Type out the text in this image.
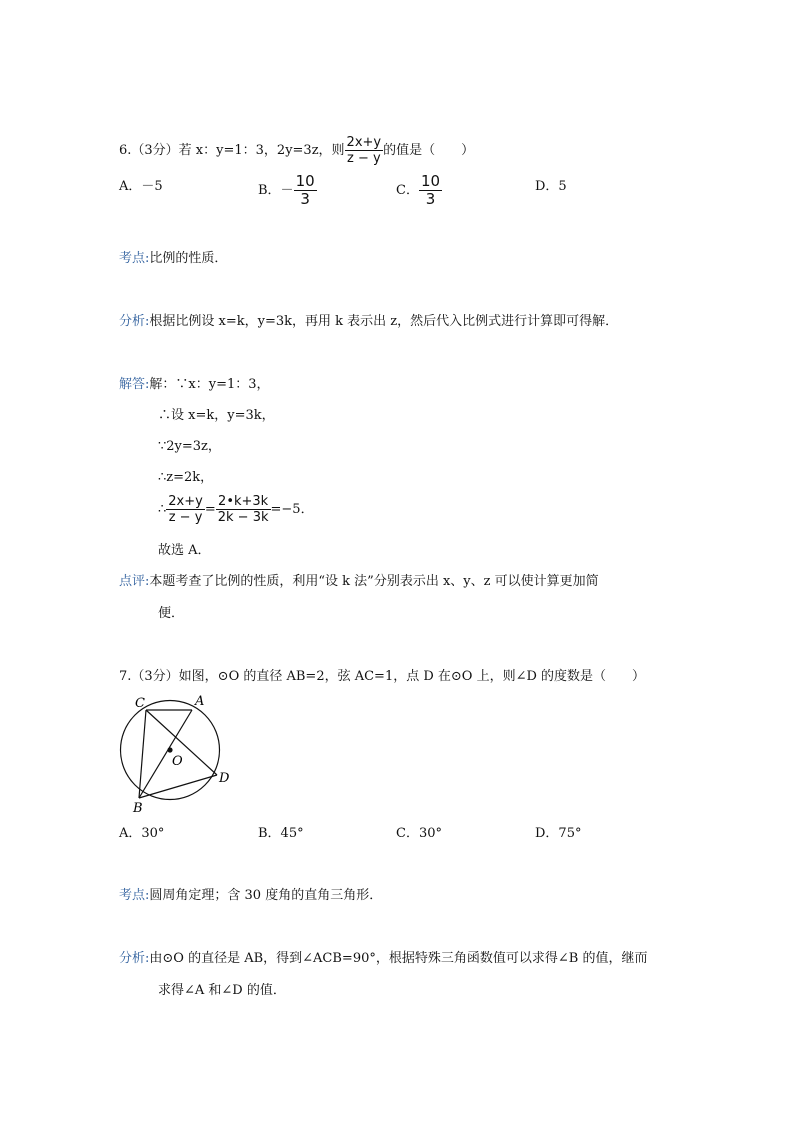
6.（3分）若 x：y=1：3，2y=3z，则 $\frac{2x+y}{z - y}$ 的值是（　　）
A．－5	B．－ $\frac{10}{3}$	C． $\frac{10}{3}$	D．5
考点:比例的性质．
分析:根据比例设 x=k，y=3k，再用 k 表示出 z，然后代入比例式进行计算即可得解．
解答:解：∵x：y=1：3，
∴设 x=k，y=3k，
∵2y=3z，
∴z=2k，
∴ $\frac{2x+y}{z - y} = \frac{2•k+3k}{2k - 3k} =-5$．
故选 A．
点评:本题考查了比例的性质，利用“设 k 法”分别表示出 x、y、z 可以使计算更加简
便．
7.（3分）如图，⊙O 的直径 AB=2，弦 AC=1，点 D 在⊙O 上，则∠D 的度数是（　　）
C	A
O
D
B
A．30°	B．45°	C．30°	D．75°
考点:圆周角定理；含 30 度角的直角三角形．
分析:由⊙O 的直径是 AB，得到∠ACB=90°，根据特殊三角函数值可以求得∠B 的值，继而
求得∠A 和∠D 的值．
